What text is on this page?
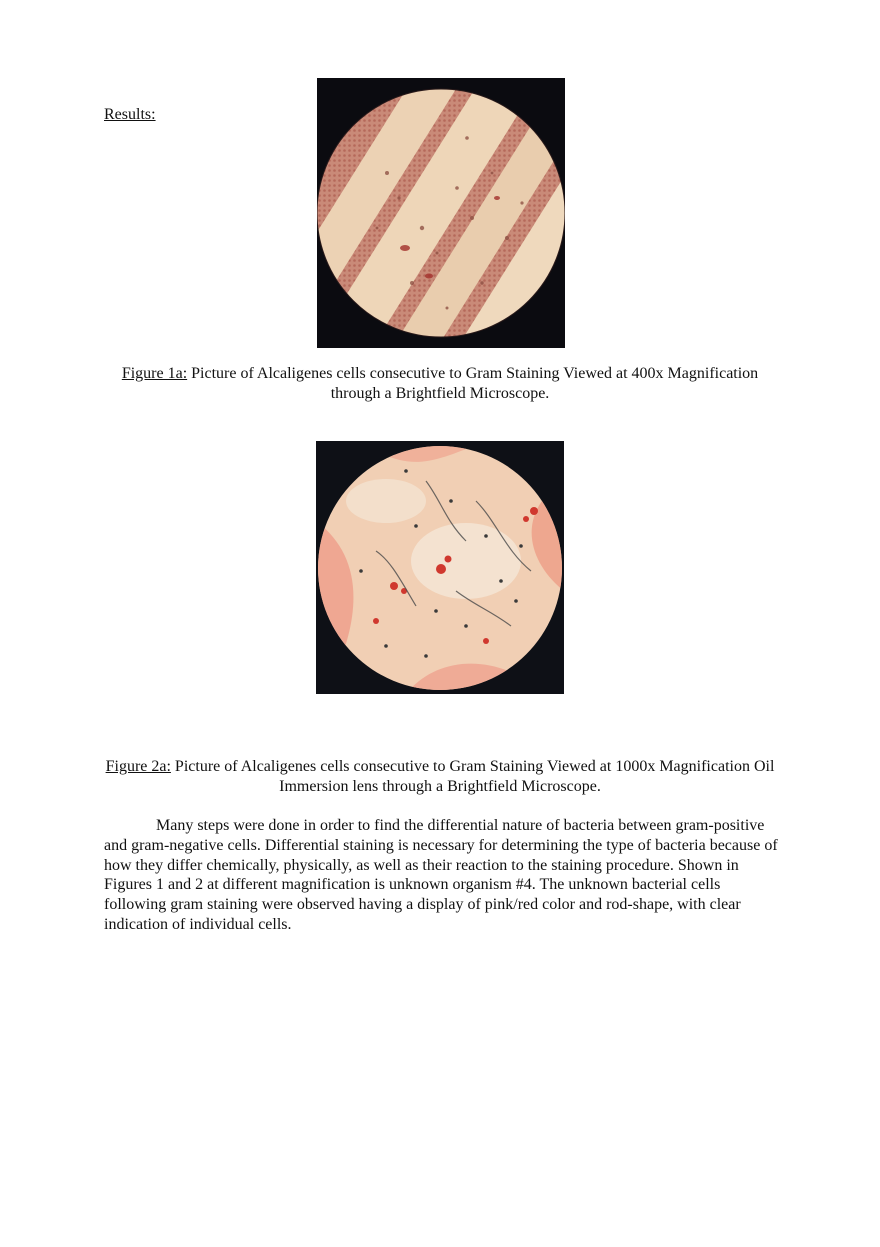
Results:
Figure 1a: Picture of Alcaligenes cells consecutive to Gram Staining Viewed at 400x Magnification through a Brightfield Microscope.
Figure 2a: Picture of Alcaligenes cells consecutive to Gram Staining Viewed at 1000x Magnification Oil Immersion lens through a Brightfield Microscope.
Many steps were done in order to find the differential nature of bacteria between gram-positive and gram-negative cells. Differential staining is necessary for determining the type of bacteria because of how they differ chemically, physically, as well as their reaction to the staining procedure. Shown in Figures 1 and 2 at different magnification is unknown organism #4. The unknown bacterial cells following gram staining were observed having a display of pink/red color and rod-shape, with clear indication of individual cells.
